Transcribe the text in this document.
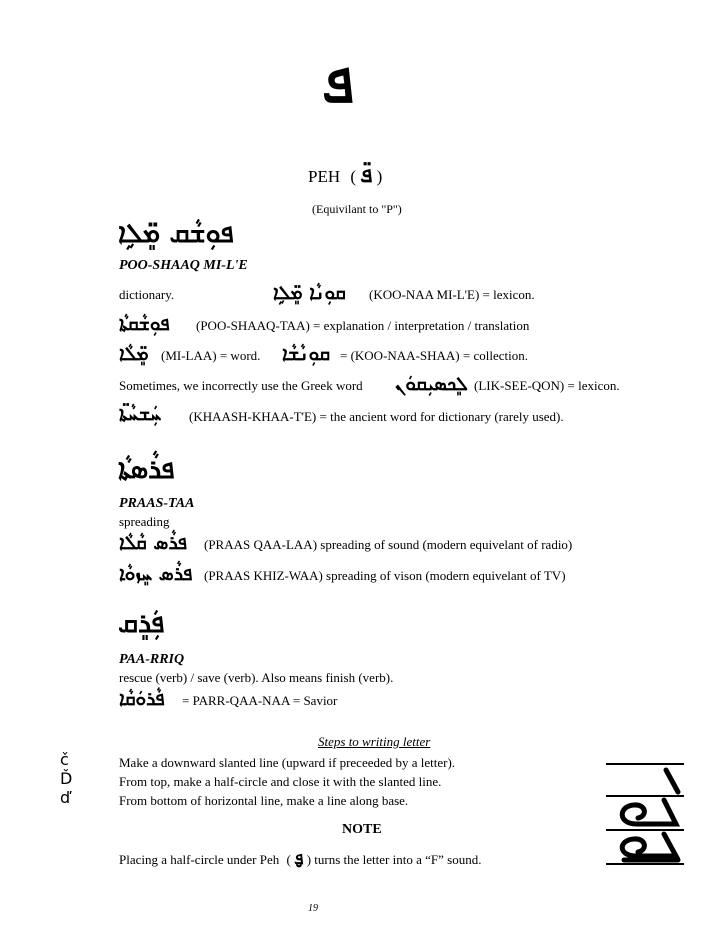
ܦ
PEH ( ܦ̈ )
(Equivilant to "P")
ܦܘܼܫܵܩ ܡܸ̈ܠܹܐ
POO-SHAAQ MI-L'E
dictionary.	ܩܘܼܢܵܐ ܡܸ̈ܠܹܐ (KOO-NAA MI-L'E) = lexicon.
ܦܘܼܫܵܩܬܵܐ (POO-SHAAQ-TAA) = explanation / interpretation / translation
ܡܸ̈ܠܵܐ (MI-LAA) = word. ܩܘܼܢܵܫܵܐ = (KOO-NAA-SHAA) = collection.
Sometimes, we incorrectly use the Greek word ܠܸܟܣܝܼܩܘܿܢ (LIK-SEE-QON) = lexicon.
ܚܲܫܚܵܬ̈ܐ (KHAASH-KHAA-T'E) = the ancient word for dictionary (rarely used).
ܦܪܵܣܬܵܐ
PRAAS-TAA
spreading
ܦܪܵܣ ܩܵܠܵܐ (PRAAS QAA-LAA) spreading of sound (modern equivelant of radio)
ܦܪܵܣ ܚܸܙܘܵܐ (PRAAS KHIZ-WAA) spreading of vison (modern equivelant of TV)
ܦܲܪܸܩ
PAA-RRIQ
rescue (verb) / save (verb). Also means finish (verb).
ܦܵܪܘܿܩܵܐ = PARR-QAA-NAA = Savior
Steps to writing letter
č
Ď
ď
Make a downward slanted line (upward if preceeded by a letter).
From top, make a half-circle and close it with the slanted line.
From bottom of horizontal line, make a line along base.
NOTE
Placing a half-circle under Peh ( ܦ̮ ) turns the letter into a “F” sound.
19
